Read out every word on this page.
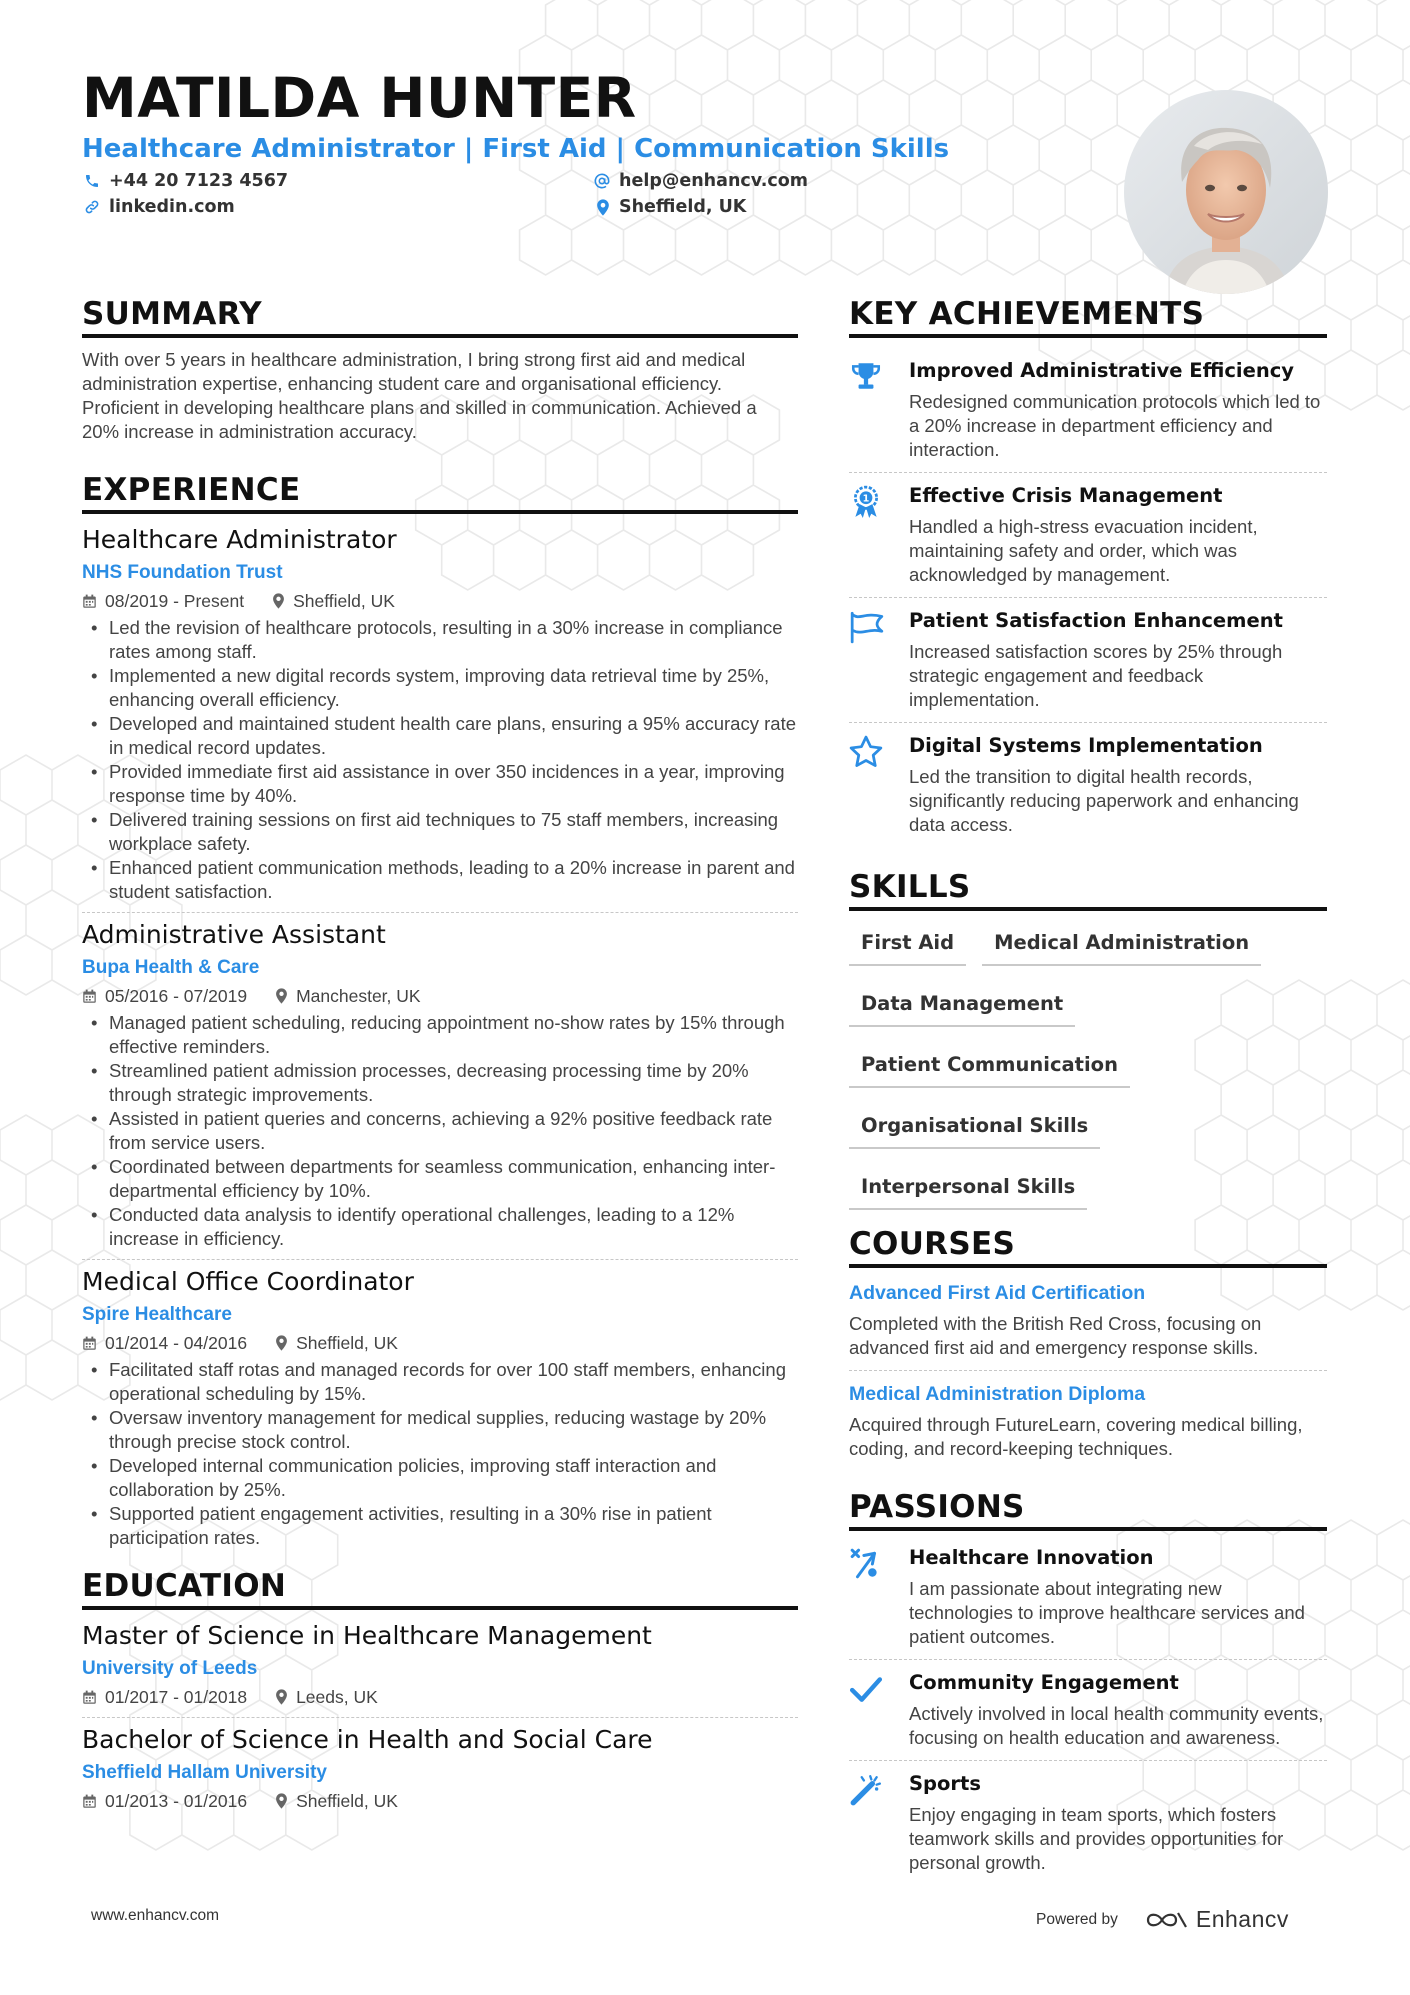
MATILDA HUNTER
Healthcare Administrator | First Aid | Communication Skills
+44 20 7123 4567	help@enhancv.com
linkedin.com	Sheffield, UK
SUMMARY

With over 5 years in healthcare administration, I bring strong first aid and medical administration expertise, enhancing student care and organisational efficiency. Proficient in developing healthcare plans and skilled in communication. Achieved a 20% increase in administration accuracy.

EXPERIENCE
Healthcare Administrator
NHS Foundation Trust
08/2019 - Present	Sheffield, UK
• Led the revision of healthcare protocols, resulting in a 30% increase in compliance rates among staff.
• Implemented a new digital records system, improving data retrieval time by 25%, enhancing overall efficiency.
• Developed and maintained student health care plans, ensuring a 95% accuracy rate in medical record updates.
• Provided immediate first aid assistance in over 350 incidences in a year, improving response time by 40%.
• Delivered training sessions on first aid techniques to 75 staff members, increasing workplace safety.
• Enhanced patient communication methods, leading to a 20% increase in parent and student satisfaction.
Administrative Assistant
Bupa Health & Care
05/2016 - 07/2019	Manchester, UK
• Managed patient scheduling, reducing appointment no-show rates by 15% through effective reminders.
• Streamlined patient admission processes, decreasing processing time by 20% through strategic improvements.
• Assisted in patient queries and concerns, achieving a 92% positive feedback rate from service users.
• Coordinated between departments for seamless communication, enhancing inter-departmental efficiency by 10%.
• Conducted data analysis to identify operational challenges, leading to a 12% increase in efficiency.
Medical Office Coordinator
Spire Healthcare
01/2014 - 04/2016	Sheffield, UK
• Facilitated staff rotas and managed records for over 100 staff members, enhancing operational scheduling by 15%.
• Oversaw inventory management for medical supplies, reducing wastage by 20% through precise stock control.
• Developed internal communication policies, improving staff interaction and collaboration by 25%.
• Supported patient engagement activities, resulting in a 30% rise in patient participation rates.
EDUCATION
Master of Science in Healthcare Management
University of Leeds
01/2017 - 01/2018	Leeds, UK
Bachelor of Science in Health and Social Care
Sheffield Hallam University
01/2013 - 01/2016	Sheffield, UK
KEY ACHIEVEMENTS
Improved Administrative Efficiency
Redesigned communication protocols which led to a 20% increase in department efficiency and interaction.
1 Effective Crisis Management
Handled a high-stress evacuation incident, maintaining safety and order, which was acknowledged by management.
Patient Satisfaction Enhancement
Increased satisfaction scores by 25% through strategic engagement and feedback implementation.
Digital Systems Implementation
Led the transition to digital health records, significantly reducing paperwork and enhancing data access.
SKILLS
First Aid	Medical Administration
Data Management
Patient Communication
Organisational Skills
Interpersonal Skills
COURSES
Advanced First Aid Certification
Completed with the British Red Cross, focusing on advanced first aid and emergency response skills.
Medical Administration Diploma
Acquired through FutureLearn, covering medical billing, coding, and record-keeping techniques.
PASSIONS
Healthcare Innovation
I am passionate about integrating new technologies to improve healthcare services and patient outcomes.
Community Engagement
Actively involved in local health community events, focusing on health education and awareness.
Sports
Enjoy engaging in team sports, which fosters teamwork skills and provides opportunities for personal growth.
www.enhancv.com	Powered by	Enhancv
